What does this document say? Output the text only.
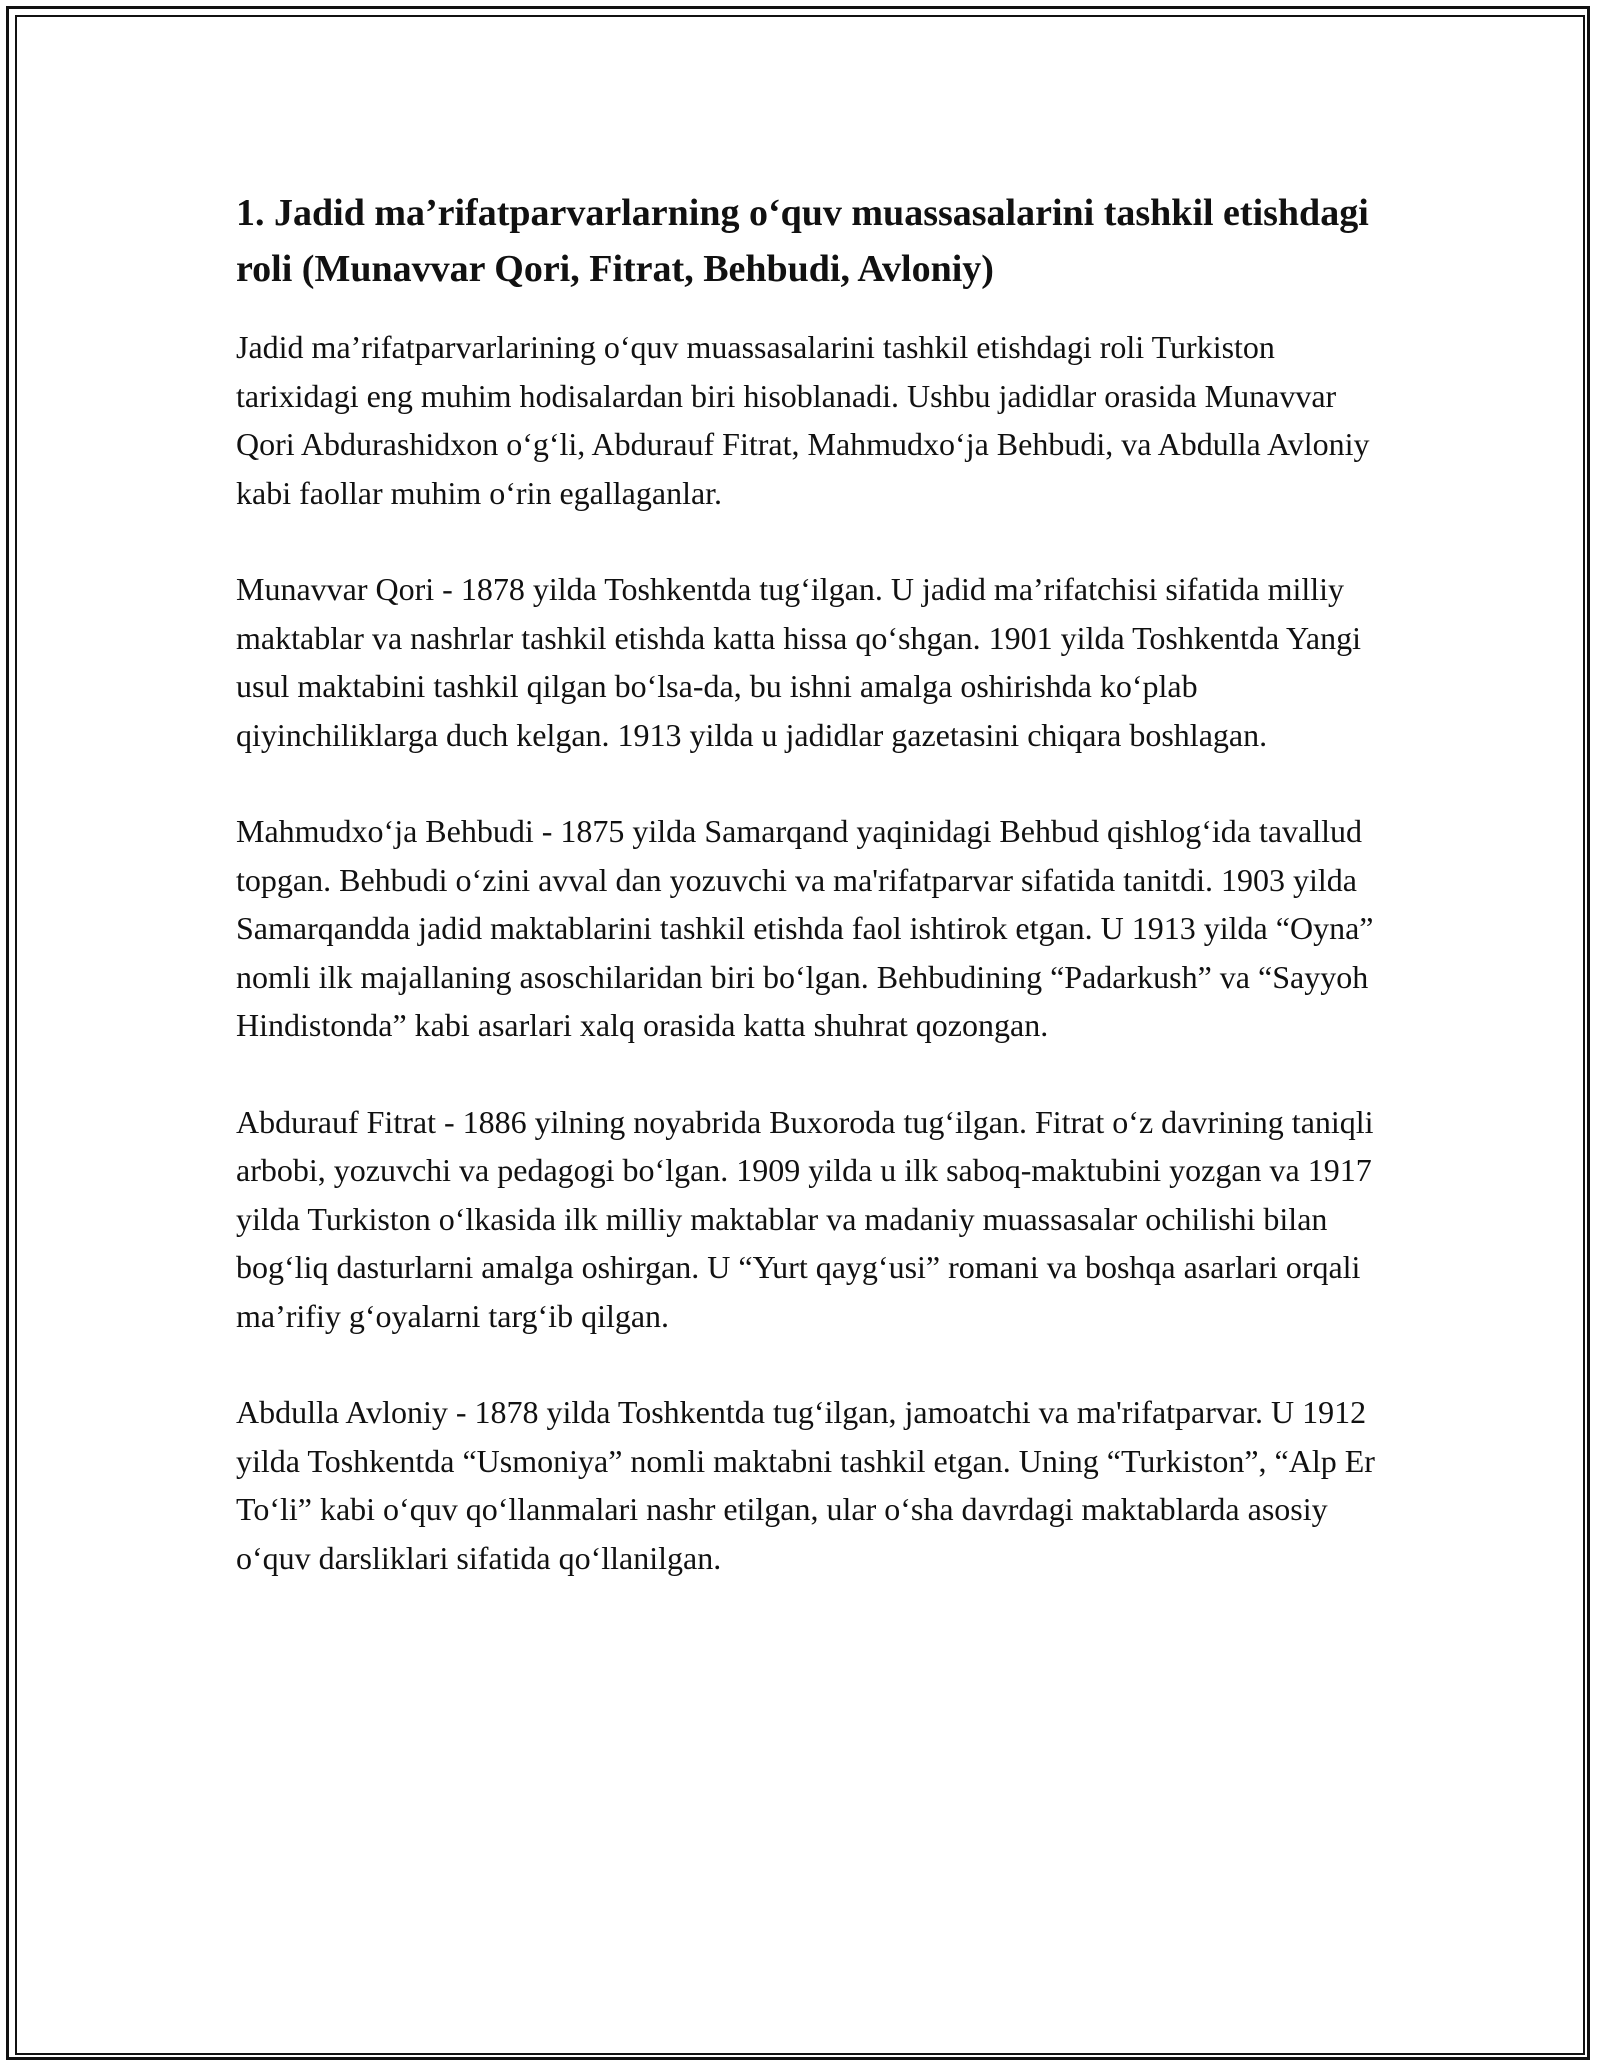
1. Jadid ma’rifatparvarlarning o‘quv muassasalarini tashkil etishdagi roli (Munavvar Qori, Fitrat, Behbudi, Avloniy)

Jadid ma’rifatparvarlarining o‘quv muassasalarini tashkil etishdagi roli Turkiston tarixidagi eng muhim hodisalardan biri hisoblanadi. Ushbu jadidlar orasida Munavvar Qori Abdurashidxon o‘g‘li, Abdurauf Fitrat, Mahmudxo‘ja Behbudi, va Abdulla Avloniy kabi faollar muhim o‘rin egallaganlar.

Munavvar Qori - 1878 yilda Toshkentda tug‘ilgan. U jadid ma’rifatchisi sifatida milliy maktablar va nashrlar tashkil etishda katta hissa qo‘shgan. 1901 yilda Toshkentda Yangi usul maktabini tashkil qilgan bo‘lsa-da, bu ishni amalga oshirishda ko‘plab qiyinchiliklarga duch kelgan. 1913 yilda u jadidlar gazetasini chiqara boshlagan.

Mahmudxo‘ja Behbudi - 1875 yilda Samarqand yaqinidagi Behbud qishlog‘ida tavallud topgan. Behbudi o‘zini avval dan yozuvchi va ma'rifatparvar sifatida tanitdi. 1903 yilda Samarqandda jadid maktablarini tashkil etishda faol ishtirok etgan. U 1913 yilda “Oyna” nomli ilk majallaning asoschilaridan biri bo‘lgan. Behbudining “Padarkush” va “Sayyoh Hindistonda” kabi asarlari xalq orasida katta shuhrat qozongan.

Abdurauf Fitrat - 1886 yilning noyabrida Buxoroda tug‘ilgan. Fitrat o‘z davrining taniqli arbobi, yozuvchi va pedagogi bo‘lgan. 1909 yilda u ilk saboq-maktubini yozgan va 1917 yilda Turkiston o‘lkasida ilk milliy maktablar va madaniy muassasalar ochilishi bilan bog‘liq dasturlarni amalga oshirgan. U “Yurt qayg‘usi” romani va boshqa asarlari orqali ma’rifiy g‘oyalarni targ‘ib qilgan.

Abdulla Avloniy - 1878 yilda Toshkentda tug‘ilgan, jamoatchi va ma'rifatparvar. U 1912 yilda Toshkentda “Usmoniya” nomli maktabni tashkil etgan. Uning “Turkiston”, “Alp Er To‘li” kabi o‘quv qo‘llanmalari nashr etilgan, ular o‘sha davrdagi maktablarda asosiy o‘quv darsliklari sifatida qo‘llanilgan.
